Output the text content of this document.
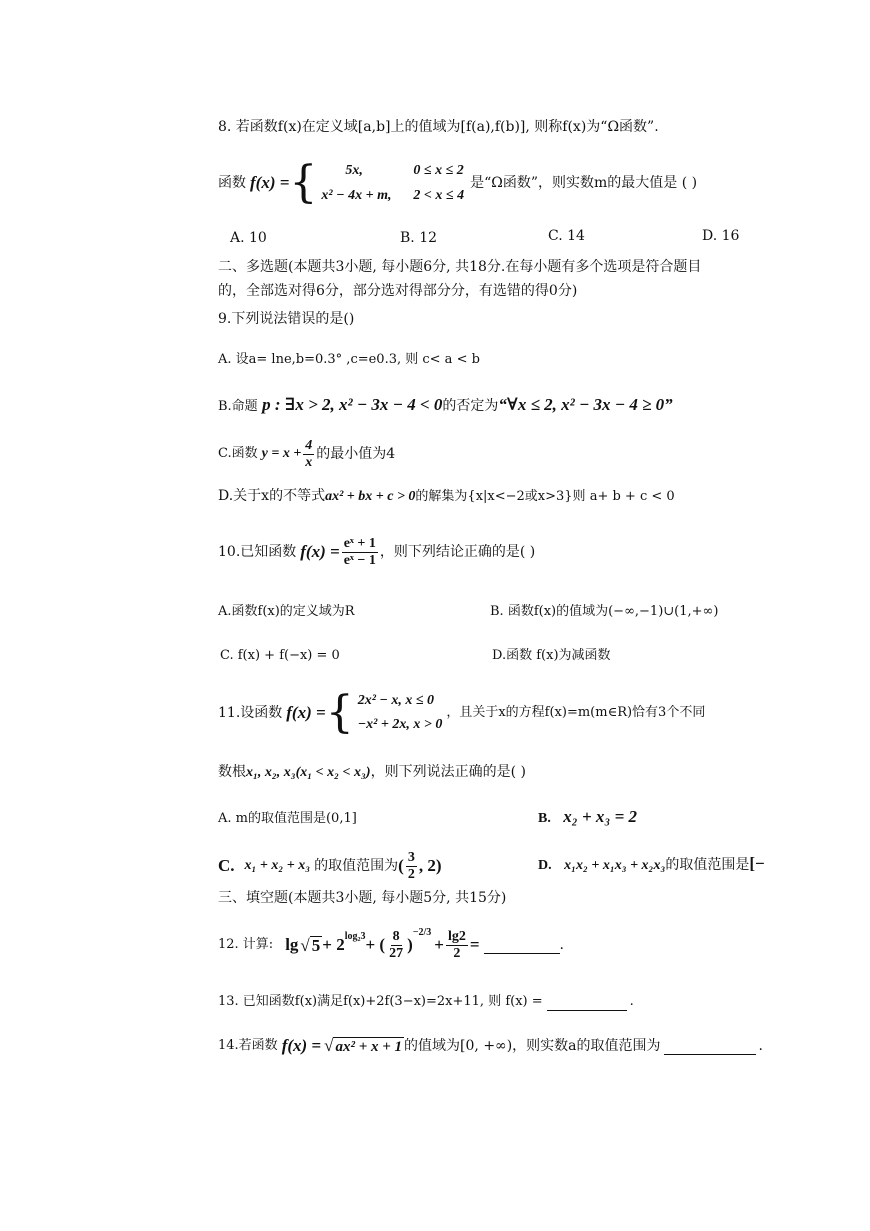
8. 若函数f(x)在定义域[a,b]上的值域为[f(a),f(b)], 则称f(x)为“Ω函数”.
函数 f(x) = {	5x,	0 ≤ x ≤ 2
x² − 4x + m, 2 < x ≤ 4
是“Ω函数”，则实数m的最大值是 ( )
A. 10	B. 12	C. 14	D. 16
二、多选题(本题共3小题, 每小题6分, 共18分.在每小题有多个选项是符合题目
的，全部选对得6分，部分选对得部分分，有选错的得0分)
9.下列说法错误的是()
A. 设a= lne,b=0.3° ,c=e0.3, 则 c< a < b
B.命题 p : ∃x > 2, x² − 3x − 4 < 0的否定为“∀x ≤ 2, x² − 3x − 4 ≥ 0”
C.函数 $y = x + \frac{4}{x}$ 的最小值为4
D.关于x的不等式ax² + bx + c > 0的解集为{x|x<−2或x>3}则 a+ b + c < 0
10.已知函数 $f(x) = \frac{\text{eˣ + 1}}{\text{eˣ − 1}}$ ，则下列结论正确的是( )
A.函数f(x)的定义域为R	B. 函数f(x)的值域为(−∞,−1)∪(1,+∞)
C. f(x) + f(−x) = 0	D.函数 f(x)为减函数
11.设函数 f(x) = { 2x² − x, x ≤ 0
−x² + 2x, x > 0
，且关于x的方程f(x)=m(m∈R)恰有3个不同
数根x₁, x₂, x₃(x₁ < x₂ < x₃)，则下列说法正确的是( )
A. m的取值范围是(0,1]	B. x₂ + x₃ = 2
C. x₁ + x₂ + x₃ 的取值范围为 ( $\frac{3}{2}$ , 2)	D. x₁x₂ + x₁x₃ + x₂x₃的取值范围是[−
三、填空题(本题共3小题, 每小题5分, 共15分)
12. 计算: lg √ $5 + 2^{log_23}$ + ( $\frac{8}{27}$ )
$^{-2/3}$
+ $\frac{\lg 2}{2}$ =	.
13. 已知函数f(x)满足f(x)+2f(3−x)=2x+11, 则 f(x) =	.
14.若函数 f(x) = √ ax² + x + 1 的值域为[0, +∞)，则实数a的取值范围为	.
